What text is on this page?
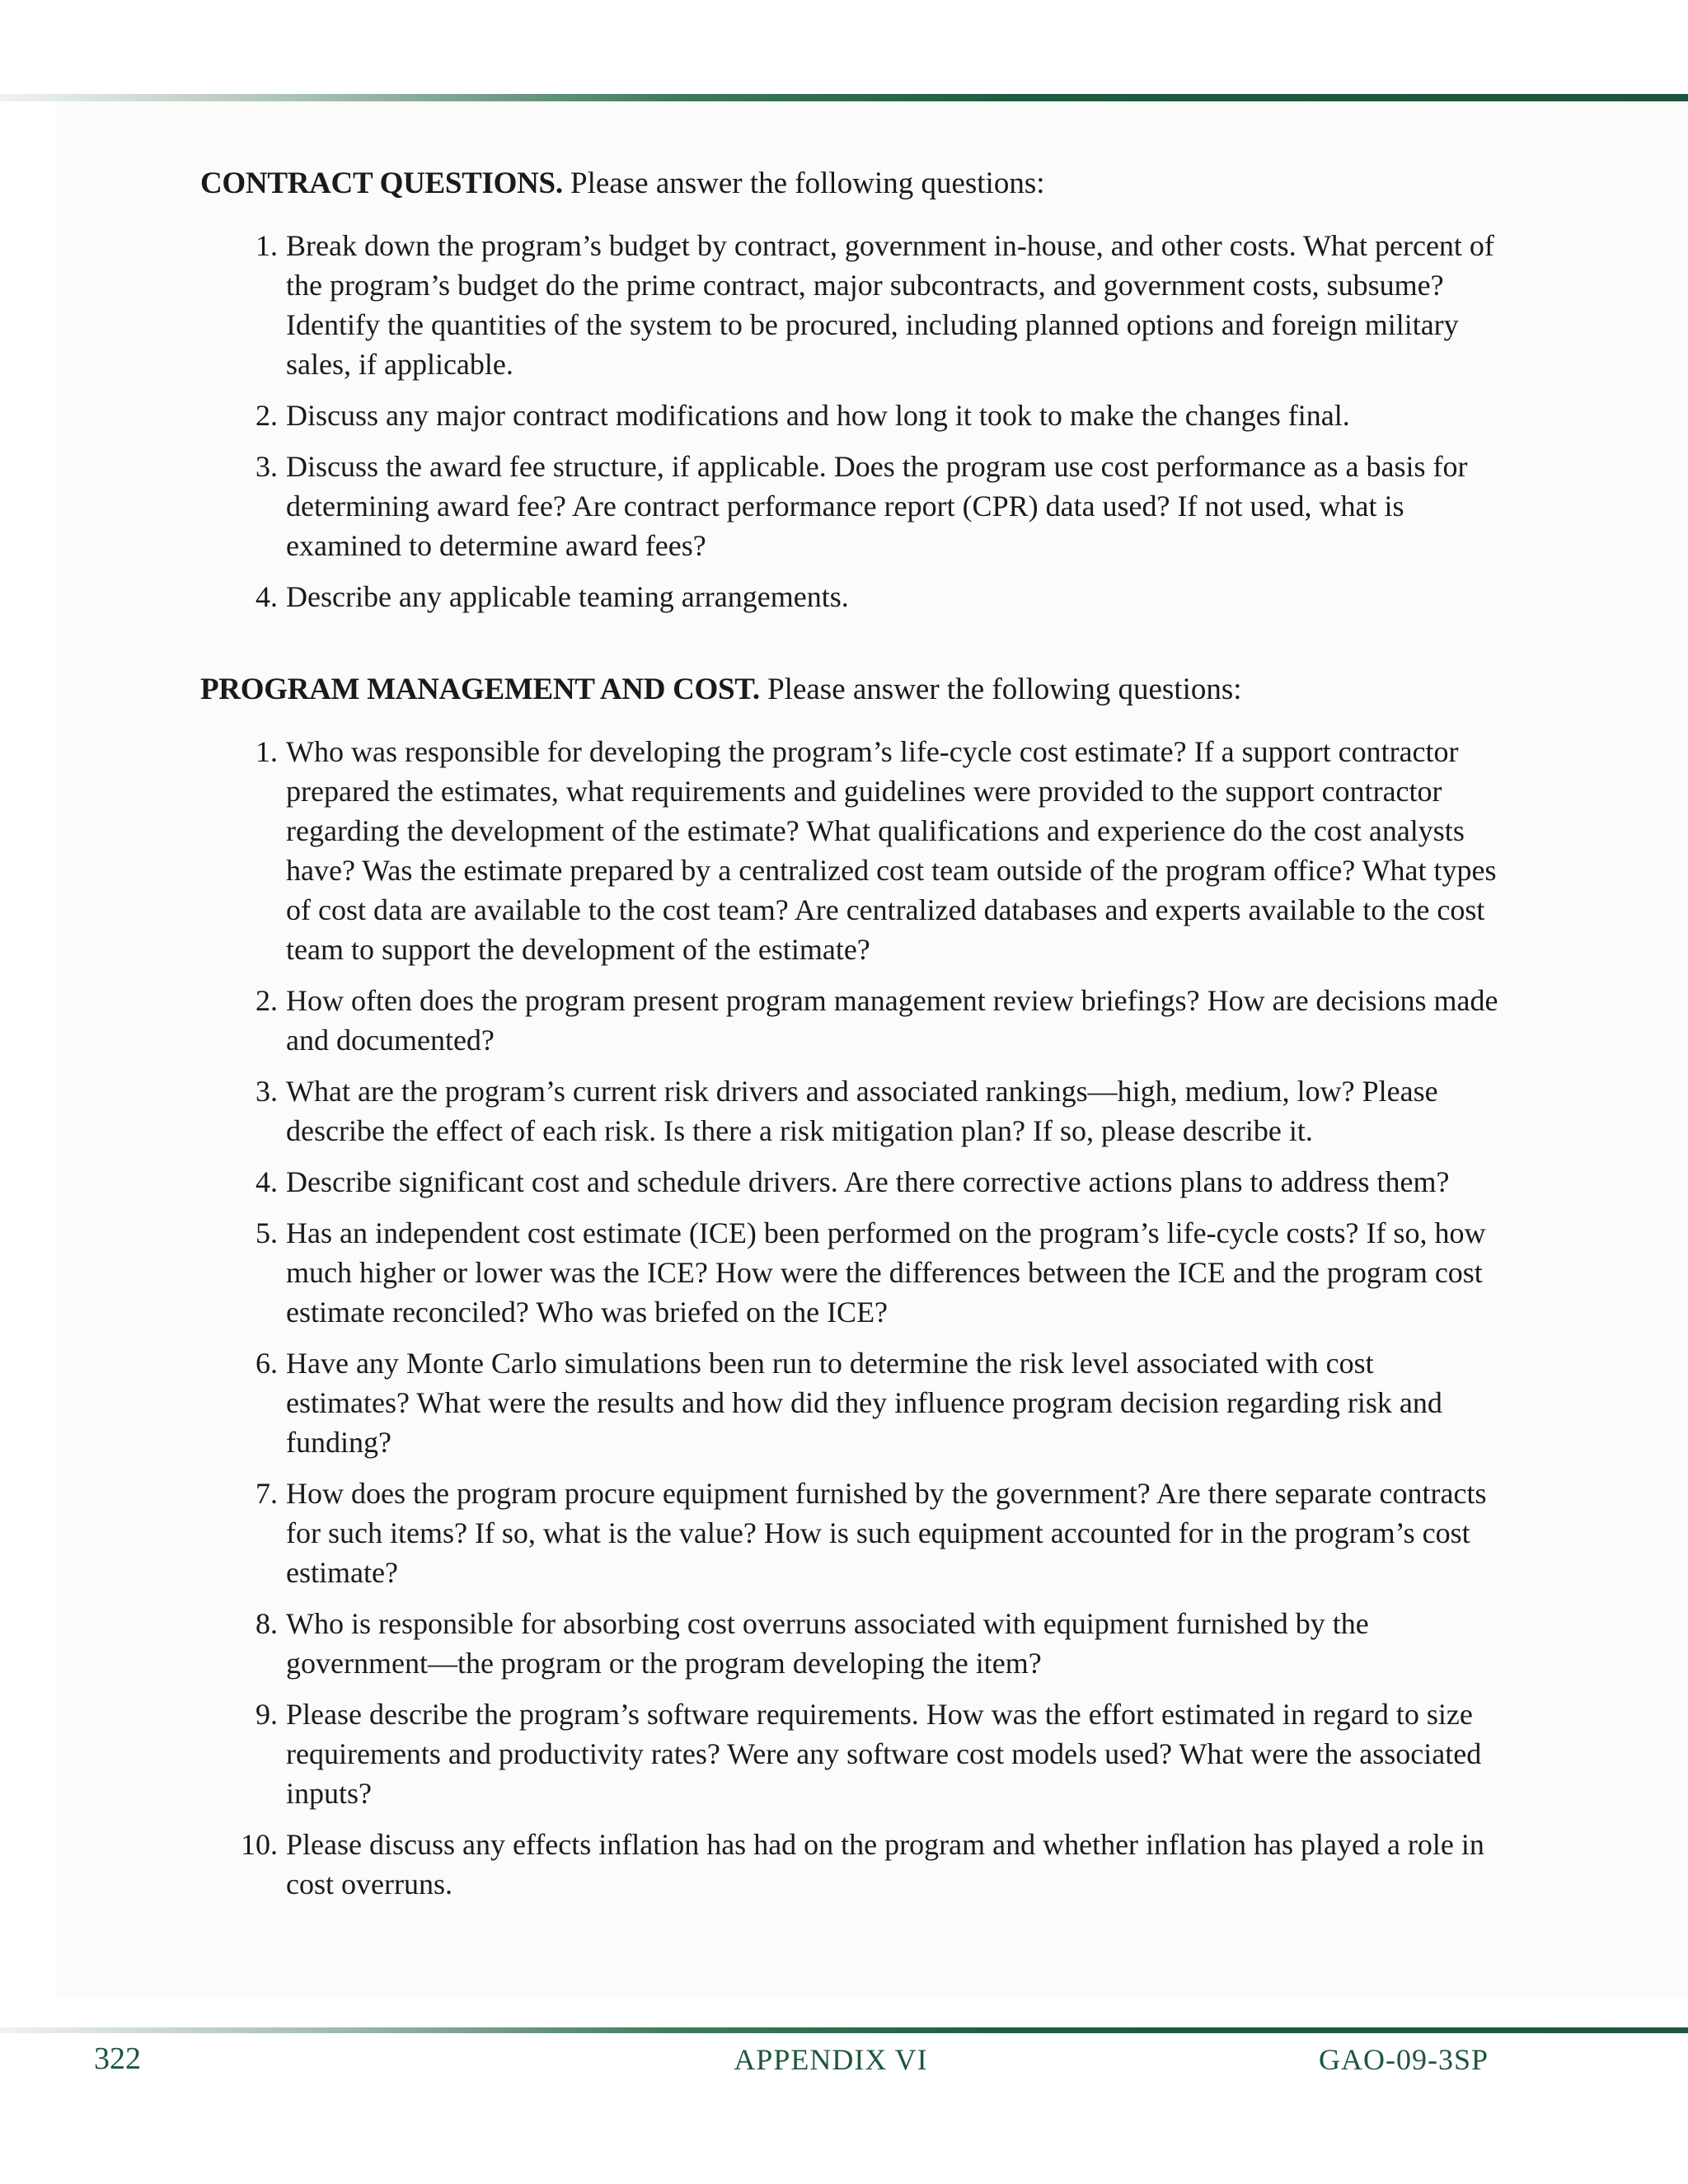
CONTRACT QUESTIONS. Please answer the following questions:

1. Break down the program’s budget by contract, government in-house, and other costs. What percent of the program’s budget do the prime contract, major subcontracts, and government costs, subsume? Identify the quantities of the system to be procured, including planned options and foreign military sales, if applicable.
2. Discuss any major contract modifications and how long it took to make the changes final.
3. Discuss the award fee structure, if applicable. Does the program use cost performance as a basis for determining award fee? Are contract performance report (CPR) data used? If not used, what is examined to determine award fees?
4. Describe any applicable teaming arrangements.

PROGRAM MANAGEMENT AND COST. Please answer the following questions:

1. Who was responsible for developing the program’s life-cycle cost estimate? If a support contractor prepared the estimates, what requirements and guidelines were provided to the support contractor regarding the development of the estimate? What qualifications and experience do the cost analysts have? Was the estimate prepared by a centralized cost team outside of the program office? What types of cost data are available to the cost team? Are centralized databases and experts available to the cost team to support the development of the estimate?
2. How often does the program present program management review briefings? How are decisions made and documented?
3. What are the program’s current risk drivers and associated rankings—high, medium, low? Please describe the effect of each risk. Is there a risk mitigation plan? If so, please describe it.
4. Describe significant cost and schedule drivers. Are there corrective actions plans to address them?
5. Has an independent cost estimate (ICE) been performed on the program’s life-cycle costs? If so, how much higher or lower was the ICE? How were the differences between the ICE and the program cost estimate reconciled? Who was briefed on the ICE?
6. Have any Monte Carlo simulations been run to determine the risk level associated with cost estimates? What were the results and how did they influence program decision regarding risk and funding?
7. How does the program procure equipment furnished by the government? Are there separate contracts for such items? If so, what is the value? How is such equipment accounted for in the program’s cost estimate?
8. Who is responsible for absorbing cost overruns associated with equipment furnished by the government—the program or the program developing the item?
9. Please describe the program’s software requirements. How was the effort estimated in regard to size requirements and productivity rates? Were any software cost models used? What were the associated inputs?
10. Please discuss any effects inflation has had on the program and whether inflation has played a role in cost overruns.
322	APPENDIX VI	GAO-09-3SP
